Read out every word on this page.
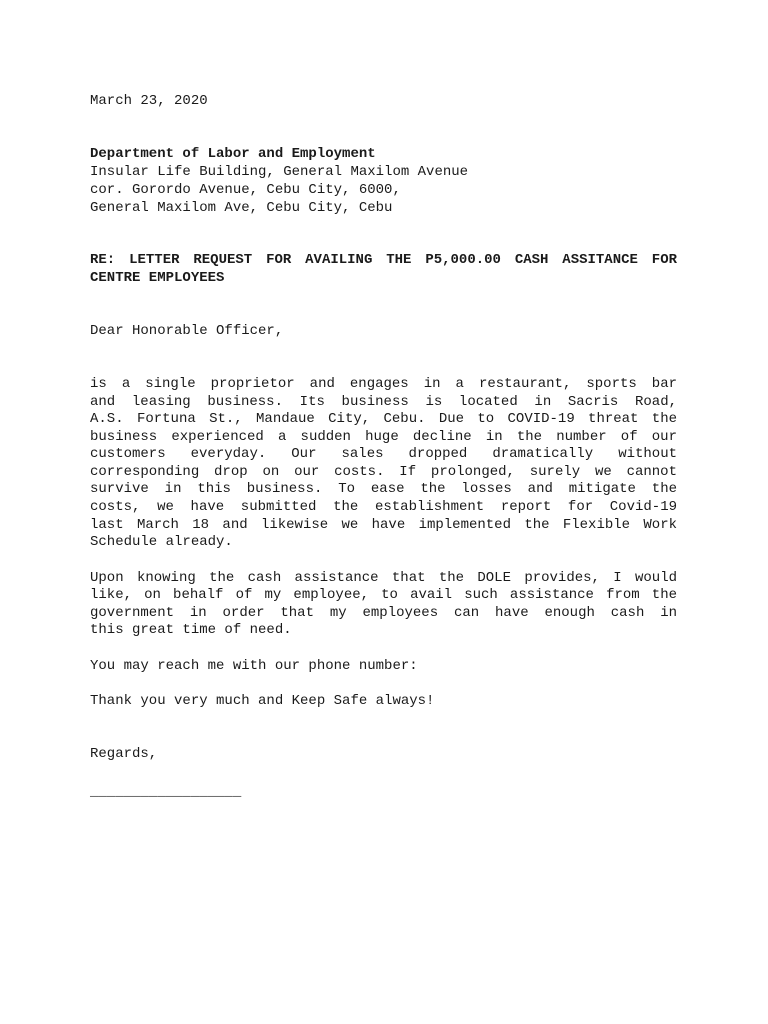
March 23, 2020
Department of Labor and Employment
Insular Life Building, General Maxilom Avenue
cor. Gorordo Avenue, Cebu City, 6000,
General Maxilom Ave, Cebu City, Cebu
RE: LETTER REQUEST FOR AVAILING THE P5,000.00 CASH ASSITANCE FOR
CENTRE EMPLOYEES
Dear Honorable Officer,
is a single proprietor and engages in a restaurant, sports bar
and leasing business. Its business is located in Sacris Road,
A.S. Fortuna St., Mandaue City, Cebu. Due to COVID-19 threat the
business experienced a sudden huge decline in the number of our
customers everyday. Our sales dropped dramatically without
corresponding drop on our costs. If prolonged, surely we cannot
survive in this business. To ease the losses and mitigate the
costs, we have submitted the establishment report for Covid-19
last March 18 and likewise we have implemented the Flexible Work
Schedule already.
Upon knowing the cash assistance that the DOLE provides, I would
like, on behalf of my employee, to avail such assistance from the
government in order that my employees can have enough cash in
this great time of need.
You may reach me with our phone number:
Thank you very much and Keep Safe always!
Regards,
__________________
